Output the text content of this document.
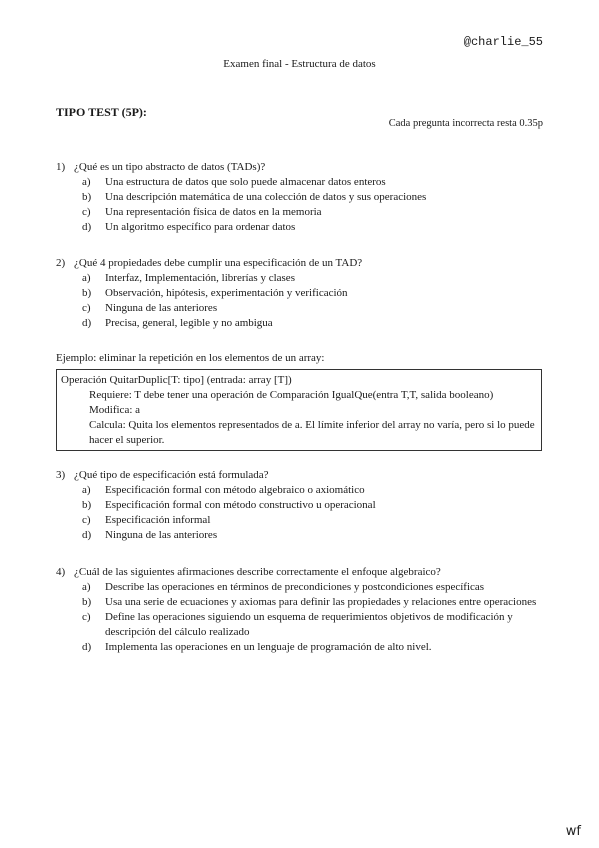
@charlie_55
Examen final - Estructura de datos
TIPO TEST (5P):
Cada pregunta incorrecta resta 0.35p
1) ¿Qué es un tipo abstracto de datos (TADs)?
a)	Una estructura de datos que solo puede almacenar datos enteros
b)	Una descripción matemática de una colección de datos y sus operaciones
c)	Una representación física de datos en la memoria
d)	Un algoritmo específico para ordenar datos
2) ¿Qué 4 propiedades debe cumplir una especificación de un TAD?
a)	Interfaz, Implementación, librerías y clases
b)	Observación, hipótesis, experimentación y verificación
c)	Ninguna de las anteriores
d)	Precisa, general, legible y no ambigua
Ejemplo: eliminar la repetición en los elementos de un array:
Operación QuitarDuplic[T: tipo] (entrada: array [T])
Requiere: T debe tener una operación de Comparación IgualQue(entra T,T, salida booleano)
Modifica: a
Calcula: Quita los elementos representados de a. El límite inferior del array no varía, pero si lo puede hacer el superior.
3) ¿Qué tipo de especificación está formulada?
a)	Especificación formal con método algebraico o axiomático
b)	Especificación formal con método constructivo u operacional
c)	Especificación informal
d)	Ninguna de las anteriores
4) ¿Cuál de las siguientes afirmaciones describe correctamente el enfoque algebraico?
a)	Describe las operaciones en términos de precondiciones y postcondiciones específicas
b)	Usa una serie de ecuaciones y axiomas para definir las propiedades y relaciones entre operaciones
c)	Define las operaciones siguiendo un esquema de requerimientos objetivos de modificación y descripción del cálculo realizado
d)	Implementa las operaciones en un lenguaje de programación de alto nivel.
wf
